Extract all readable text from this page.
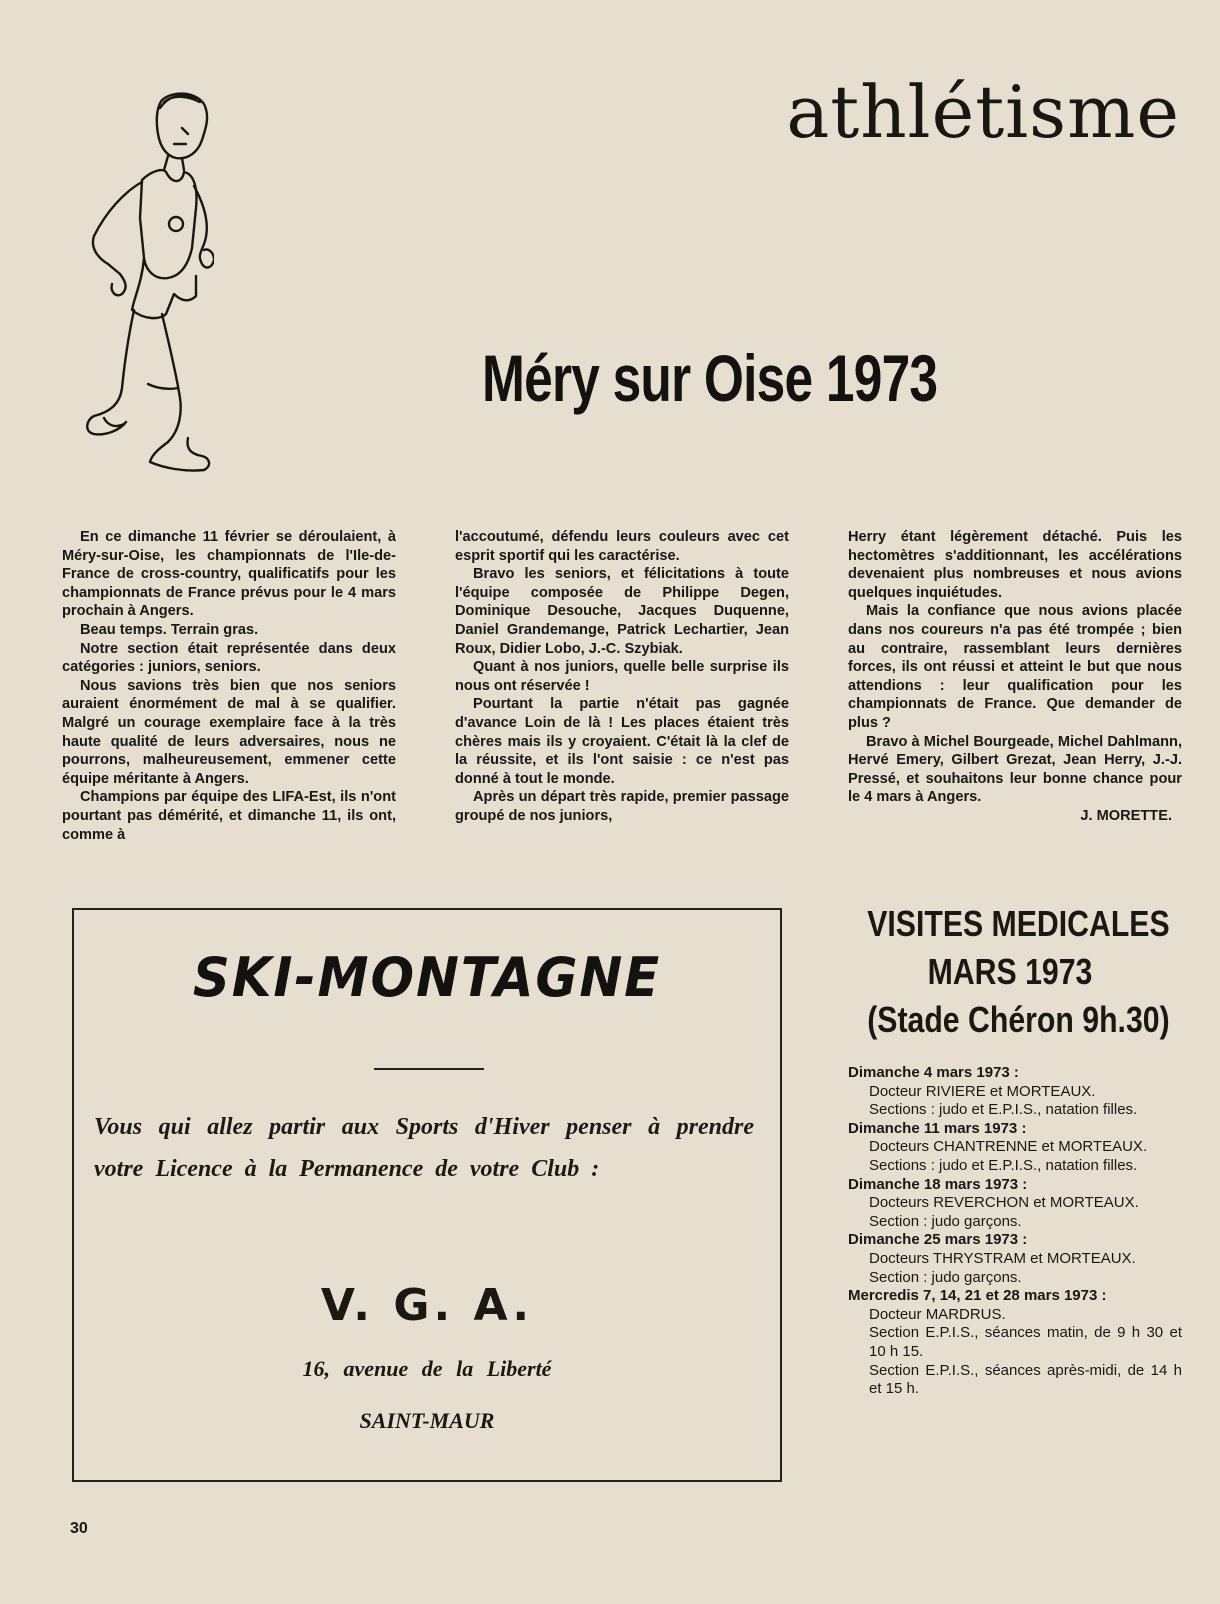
athlétisme
Méry sur Oise 1973

En ce dimanche 11 février se déroulaient, à Méry-sur-Oise, les championnats de l'Ile-de-France de cross-country, qualificatifs pour les championnats de France prévus pour le 4 mars prochain à Angers.

Beau temps. Terrain gras.

Notre section était représentée dans deux catégories : juniors, seniors.

Nous savions très bien que nos seniors auraient énormément de mal à se qualifier. Malgré un courage exemplaire face à la très haute qualité de leurs adversaires, nous ne pourrons, malheureusement, emmener cette équipe méritante à Angers.

Champions par équipe des LIFA-Est, ils n'ont pourtant pas démérité, et dimanche 11, ils ont, comme à

l'accoutumé, défendu leurs couleurs avec cet esprit sportif qui les caractérise.

Bravo les seniors, et félicitations à toute l'équipe composée de Philippe Degen, Dominique Desouche, Jacques Duquenne, Daniel Grandemange, Patrick Lechartier, Jean Roux, Didier Lobo, J.-C. Szybiak.

Quant à nos juniors, quelle belle surprise ils nous ont réservée !

Pourtant la partie n'était pas gagnée d'avance Loin de là ! Les places étaient très chères mais ils y croyaient. C'était là la clef de la réussite, et ils l'ont saisie : ce n'est pas donné à tout le monde.

Après un départ très rapide, premier passage groupé de nos juniors,

Herry étant légèrement détaché. Puis les hectomètres s'additionnant, les accélérations devenaient plus nombreuses et nous avions quelques inquiétudes.

Mais la confiance que nous avions placée dans nos coureurs n'a pas été trompée ; bien au contraire, rassemblant leurs dernières forces, ils ont réussi et atteint le but que nous attendions : leur qualification pour les championnats de France. Que demander de plus ?

Bravo à Michel Bourgeade, Michel Dahlmann, Hervé Emery, Gilbert Grezat, Jean Herry, J.-J. Pressé, et souhaitons leur bonne chance pour le 4 mars à Angers.

J. MORETTE.

SKI-MONTAGNE
Vous qui allez partir aux Sports d'Hiver penser à prendre votre Licence à la Permanence de votre Club :
V. G. A.
16, avenue de la Liberté
SAINT-MAUR
VISITES MEDICALES
MARS 1973
(Stade Chéron 9h.30)
Dimanche 4 mars 1973 :
Docteur RIVIERE et MORTEAUX.
Sections : judo et E.P.I.S., natation filles.
Dimanche 11 mars 1973 :
Docteurs CHANTRENNE et MORTEAUX.
Sections : judo et E.P.I.S., natation filles.
Dimanche 18 mars 1973 :
Docteurs REVERCHON et MORTEAUX.
Section : judo garçons.
Dimanche 25 mars 1973 :
Docteurs THRYSTRAM et MORTEAUX.
Section : judo garçons.
Mercredis 7, 14, 21 et 28 mars 1973 :
Docteur MARDRUS.
Section E.P.I.S., séances matin, de 9 h 30 et 10 h 15.
Section E.P.I.S., séances après-midi, de 14 h et 15 h.
30
